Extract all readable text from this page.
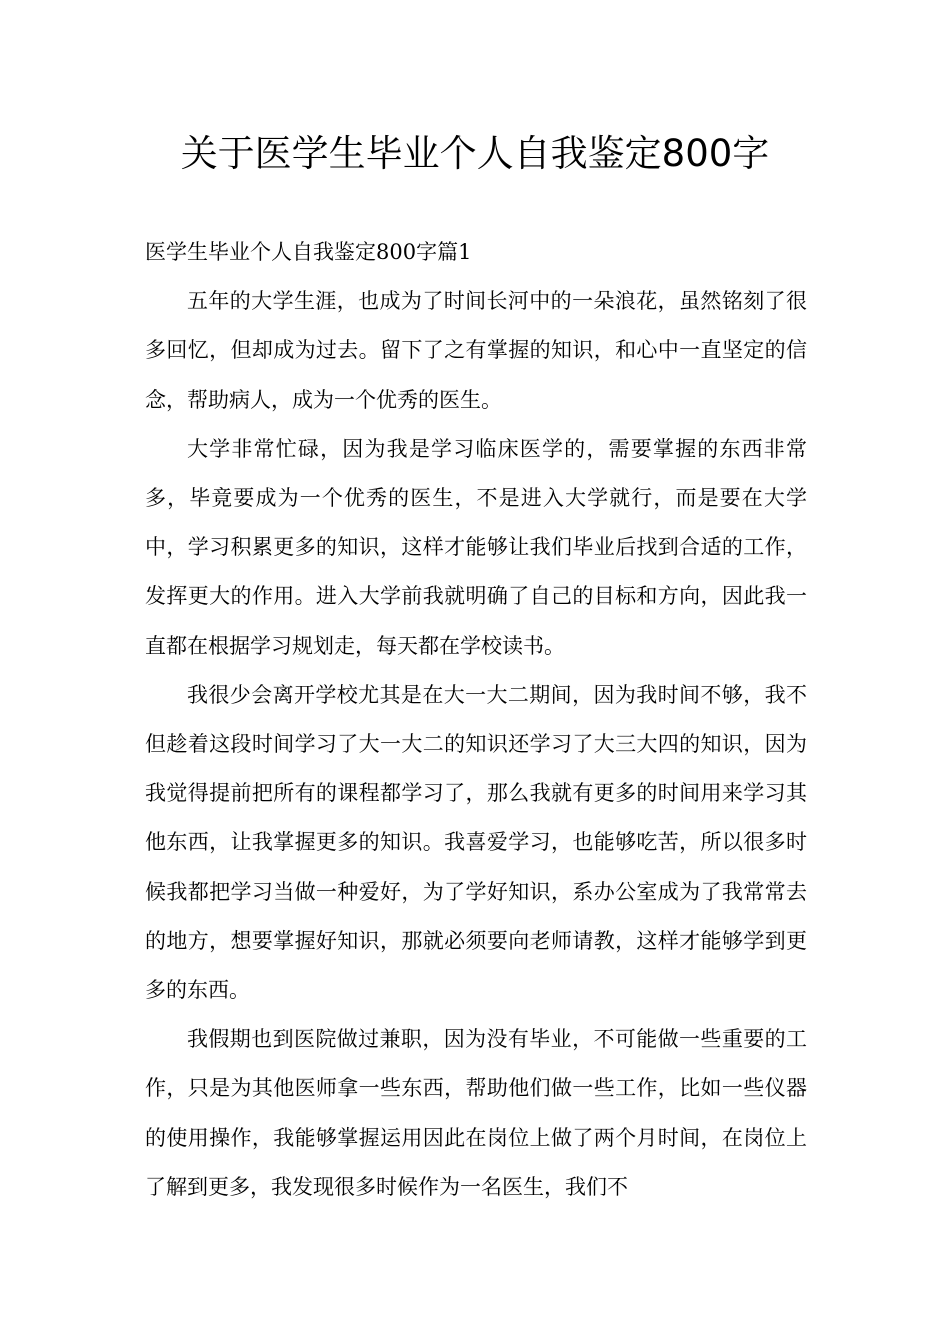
关于医学生毕业个人自我鉴定800字

医学生毕业个人自我鉴定800字篇1

五年的大学生涯，也成为了时间长河中的一朵浪花，虽然铭刻了很多回忆，但却成为过去。留下了之有掌握的知识，和心中一直坚定的信念，帮助病人，成为一个优秀的医生。

大学非常忙碌，因为我是学习临床医学的，需要掌握的东西非常多，毕竟要成为一个优秀的医生，不是进入大学就行，而是要在大学中，学习积累更多的知识，这样才能够让我们毕业后找到合适的工作，发挥更大的作用。进入大学前我就明确了自己的目标和方向，因此我一直都在根据学习规划走，每天都在学校读书。

我很少会离开学校尤其是在大一大二期间，因为我时间不够，我不但趁着这段时间学习了大一大二的知识还学习了大三大四的知识，因为我觉得提前把所有的课程都学习了，那么我就有更多的时间用来学习其他东西，让我掌握更多的知识。我喜爱学习，也能够吃苦，所以很多时候我都把学习当做一种爱好，为了学好知识，系办公室成为了我常常去的地方，想要掌握好知识，那就必须要向老师请教，这样才能够学到更多的东西。

我假期也到医院做过兼职，因为没有毕业，不可能做一些重要的工作，只是为其他医师拿一些东西，帮助他们做一些工作，比如一些仪器的使用操作，我能够掌握运用因此在岗位上做了两个月时间，在岗位上了解到更多，我发现很多时候作为一名医生，我们不
